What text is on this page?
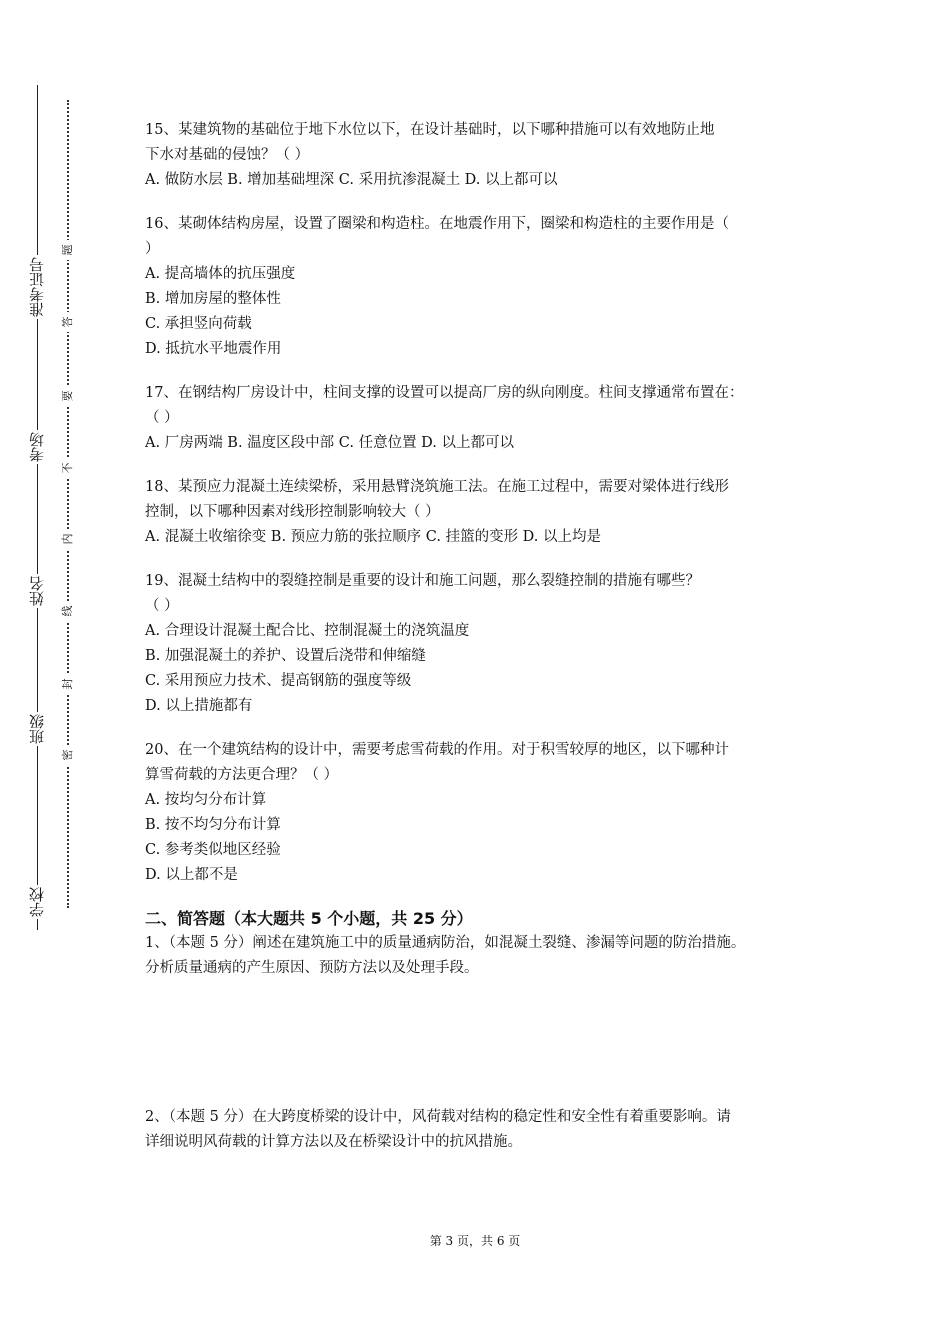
准考证号
考场
姓名
班级
学校
题
答
要
不
内
线
封
密
15、某建筑物的基础位于地下水位以下，在设计基础时，以下哪种措施可以有效地防止地
下水对基础的侵蚀？（ ）
A. 做防水层 B. 增加基础埋深 C. 采用抗渗混凝土 D. 以上都可以
16、某砌体结构房屋，设置了圈梁和构造柱。在地震作用下，圈梁和构造柱的主要作用是（
）
A. 提高墙体的抗压强度
B. 增加房屋的整体性
C. 承担竖向荷载
D. 抵抗水平地震作用
17、在钢结构厂房设计中，柱间支撑的设置可以提高厂房的纵向刚度。柱间支撑通常布置在：
（ ）
A. 厂房两端 B. 温度区段中部 C. 任意位置 D. 以上都可以
18、某预应力混凝土连续梁桥，采用悬臂浇筑施工法。在施工过程中，需要对梁体进行线形
控制，以下哪种因素对线形控制影响较大（ ）
A. 混凝土收缩徐变 B. 预应力筋的张拉顺序 C. 挂篮的变形 D. 以上均是
19、混凝土结构中的裂缝控制是重要的设计和施工问题，那么裂缝控制的措施有哪些？
（ ）
A. 合理设计混凝土配合比、控制混凝土的浇筑温度
B. 加强混凝土的养护、设置后浇带和伸缩缝
C. 采用预应力技术、提高钢筋的强度等级
D. 以上措施都有
20、在一个建筑结构的设计中，需要考虑雪荷载的作用。对于积雪较厚的地区，以下哪种计
算雪荷载的方法更合理？（ ）
A. 按均匀分布计算
B. 按不均匀分布计算
C. 参考类似地区经验
D. 以上都不是
二、简答题（本大题共 5 个小题，共 25 分）
1、（本题 5 分）阐述在建筑施工中的质量通病防治，如混凝土裂缝、渗漏等问题的防治措施。
分析质量通病的产生原因、预防方法以及处理手段。
2、（本题 5 分）在大跨度桥梁的设计中，风荷载对结构的稳定性和安全性有着重要影响。请
详细说明风荷载的计算方法以及在桥梁设计中的抗风措施。
第 3 页，共 6 页
